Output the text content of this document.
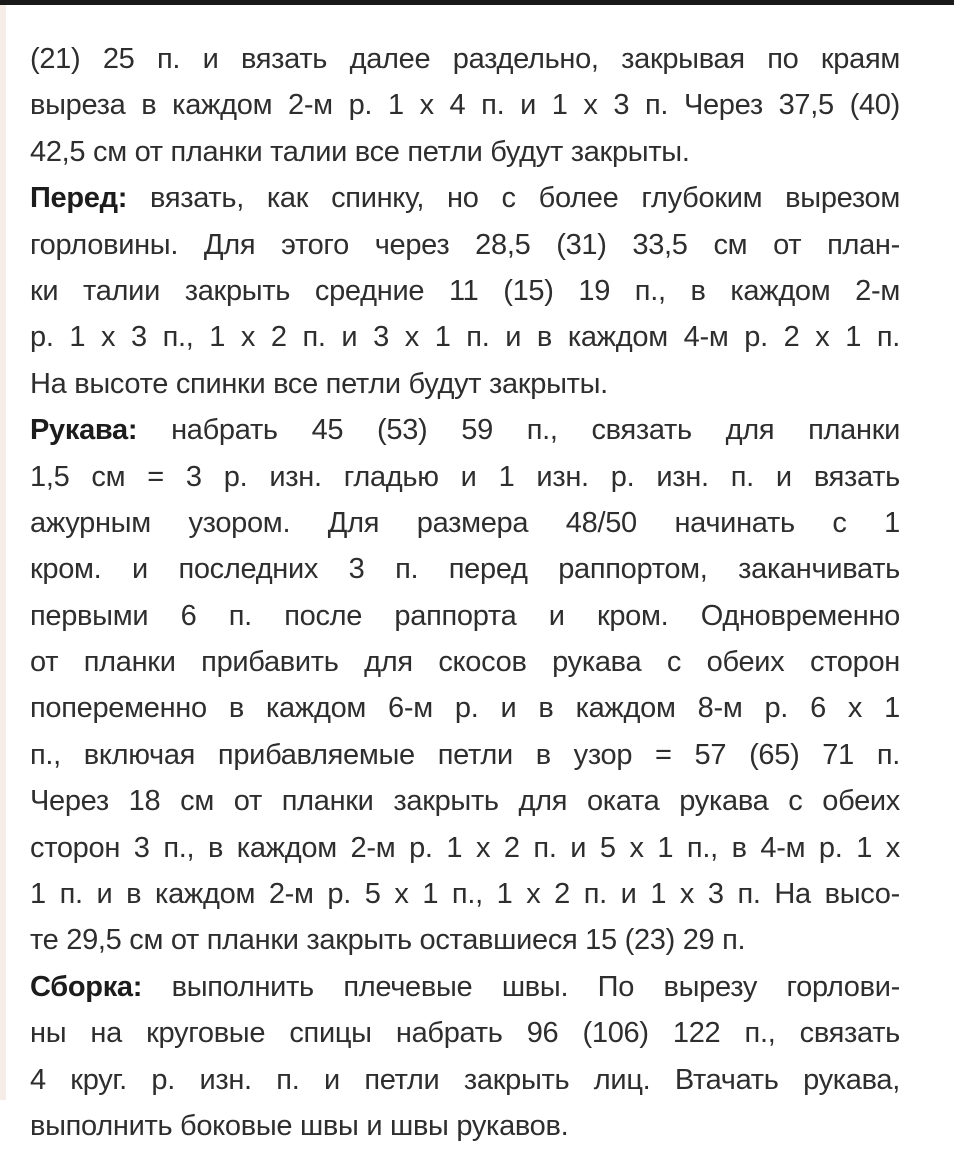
(21) 25 п. и вязать далее раздельно, закрывая по краям
выреза в каждом 2-м р. 1 х 4 п. и 1 х 3 п. Через 37,5 (40)
42,5 см от планки талии все петли будут закрыты.
Перед: вязать, как спинку, но с более глубоким вырезом
горловины. Для этого через 28,5 (31) 33,5 см от план-
ки талии закрыть средние 11 (15) 19 п., в каждом 2-м
р. 1 х 3 п., 1 х 2 п. и 3 х 1 п. и в каждом 4-м р. 2 х 1 п.
На высоте спинки все петли будут закрыты.
Рукава: набрать 45 (53) 59 п., связать для планки
1,5 см = 3 р. изн. гладью и 1 изн. р. изн. п. и вязать
ажурным узором. Для размера 48/50 начинать с 1
кром. и последних 3 п. перед раппортом, заканчивать
первыми 6 п. после раппорта и кром. Одновременно
от планки прибавить для скосов рукава с обеих сторон
попеременно в каждом 6-м р. и в каждом 8-м р. 6 х 1
п., включая прибавляемые петли в узор = 57 (65) 71 п.
Через 18 см от планки закрыть для оката рукава с обеих
сторон 3 п., в каждом 2-м р. 1 х 2 п. и 5 х 1 п., в 4-м р. 1 х
1 п. и в каждом 2-м р. 5 х 1 п., 1 х 2 п. и 1 х 3 п. На высо-
те 29,5 см от планки закрыть оставшиеся 15 (23) 29 п.
Сборка: выполнить плечевые швы. По вырезу горлови-
ны на круговые спицы набрать 96 (106) 122 п., связать
4 круг. р. изн. п. и петли закрыть лиц. Втачать рукава,
выполнить боковые швы и швы рукавов.
